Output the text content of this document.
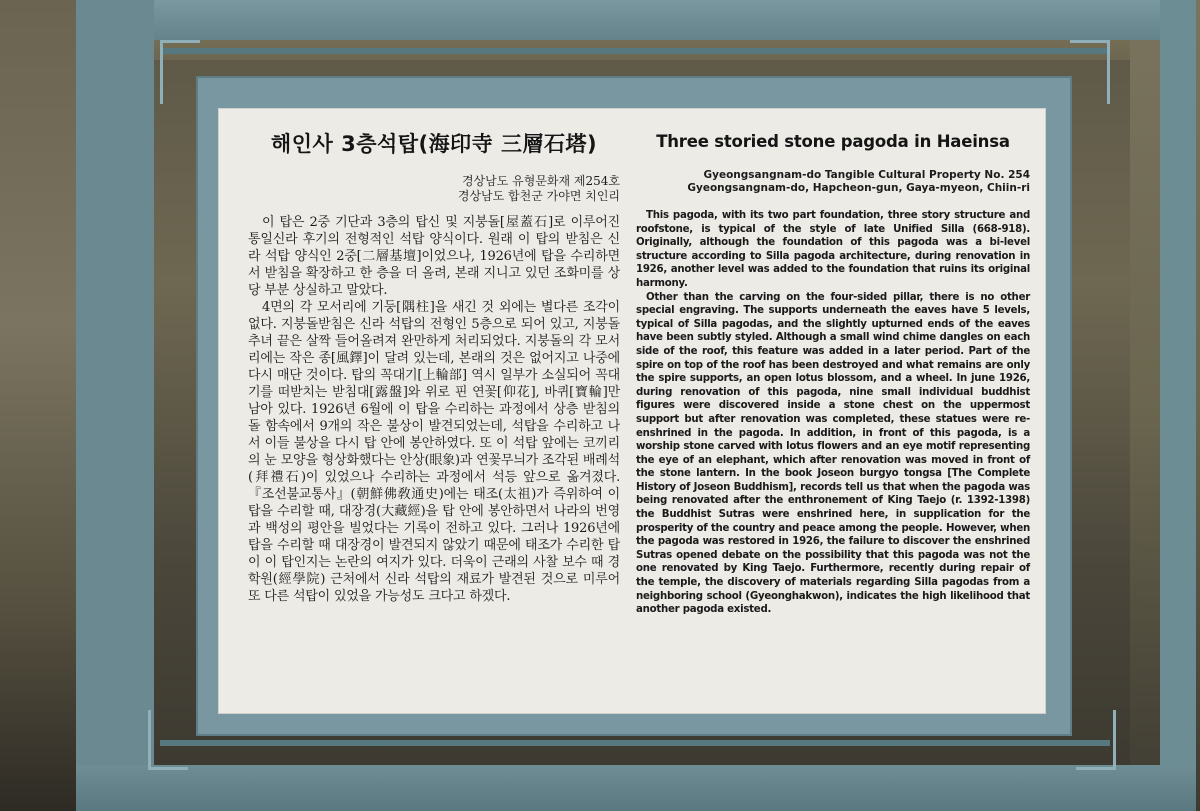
해인사 3층석탑(海印寺 三層石塔)
경상남도 유형문화재 제254호
경상남도 합천군 가야면 치인리

이 탑은 2중 기단과 3층의 탑신 및 지붕돌[屋蓋石]로 이루어진 통일신라 후기의 전형적인 석탑 양식이다. 원래 이 탑의 받침은 신라 석탑 양식인 2중[二層基壇]이었으나, 1926년에 탑을 수리하면서 받침을 확장하고 한 층을 더 올려, 본래 지니고 있던 조화미를 상당 부분 상실하고 말았다.

4면의 각 모서리에 기둥[隅柱]을 새긴 것 외에는 별다른 조각이 없다. 지붕돌받침은 신라 석탑의 전형인 5층으로 되어 있고, 지붕돌 추녀 끝은 살짝 들어올려져 완만하게 처리되었다. 지붕돌의 각 모서리에는 작은 종[風鐸]이 달려 있는데, 본래의 것은 없어지고 나중에 다시 매단 것이다. 탑의 꼭대기[上輪部] 역시 일부가 소실되어 꼭대기를 떠받치는 받침대[露盤]와 위로 핀 연꽃[仰花], 바퀴[寶輪]만 남아 있다. 1926년 6월에 이 탑을 수리하는 과정에서 상층 받침의 돌 함속에서 9개의 작은 불상이 발견되었는데, 석탑을 수리하고 나서 이들 불상을 다시 탑 안에 봉안하였다. 또 이 석탑 앞에는 코끼리의 눈 모양을 형상화했다는 안상(眼象)과 연꽃무늬가 조각된 배례석(拜禮石)이 있었으나 수리하는 과정에서 석등 앞으로 옮겨졌다. 『조선불교통사』(朝鮮佛敎通史)에는 태조(太祖)가 즉위하여 이 탑을 수리할 때, 대장경(大藏經)을 탑 안에 봉안하면서 나라의 번영과 백성의 평안을 빌었다는 기록이 전하고 있다. 그러나 1926년에 탑을 수리할 때 대장경이 발견되지 않았기 때문에 태조가 수리한 탑이 이 탑인지는 논란의 여지가 있다. 더욱이 근래의 사찰 보수 때 경학원(經學院) 근처에서 신라 석탑의 재료가 발견된 것으로 미루어 또 다른 석탑이 있었을 가능성도 크다고 하겠다.

Three storied stone pagoda in Haeinsa
Gyeongsangnam-do Tangible Cultural Property No. 254
Gyeongsangnam-do, Hapcheon-gun, Gaya-myeon, Chiin-ri

This pagoda, with its two part foundation, three story structure and roofstone, is typical of the style of late Unified Silla (668-918). Originally, although the foundation of this pagoda was a bi-level structure according to Silla pagoda architecture, during renovation in 1926, another level was added to the foundation that ruins its original harmony.

Other than the carving on the four-sided pillar, there is no other special engraving. The supports underneath the eaves have 5 levels, typical of Silla pagodas, and the slightly upturned ends of the eaves have been subtly styled. Although a small wind chime dangles on each side of the roof, this feature was added in a later period. Part of the spire on top of the roof has been destroyed and what remains are only the spire supports, an open lotus blossom, and a wheel. In june 1926, during renovation of this pagoda, nine small individual buddhist figures were discovered inside a stone chest on the uppermost support but after renovation was completed, these statues were re-enshrined in the pagoda. In addition, in front of this pagoda, is a worship stone carved with lotus flowers and an eye motif representing the eye of an elephant, which after renovation was moved in front of the stone lantern. In the book Joseon burgyo tongsa [The Complete History of Joseon Buddhism], records tell us that when the pagoda was being renovated after the enthronement of King Taejo (r. 1392-1398) the Buddhist Sutras were enshrined here, in supplication for the prosperity of the country and peace among the people. However, when the pagoda was restored in 1926, the failure to discover the enshrined Sutras opened debate on the possibility that this pagoda was not the one renovated by King Taejo. Furthermore, recently during repair of the temple, the discovery of materials regarding Silla pagodas from a neighboring school (Gyeonghakwon), indicates the high likelihood that another pagoda existed.
